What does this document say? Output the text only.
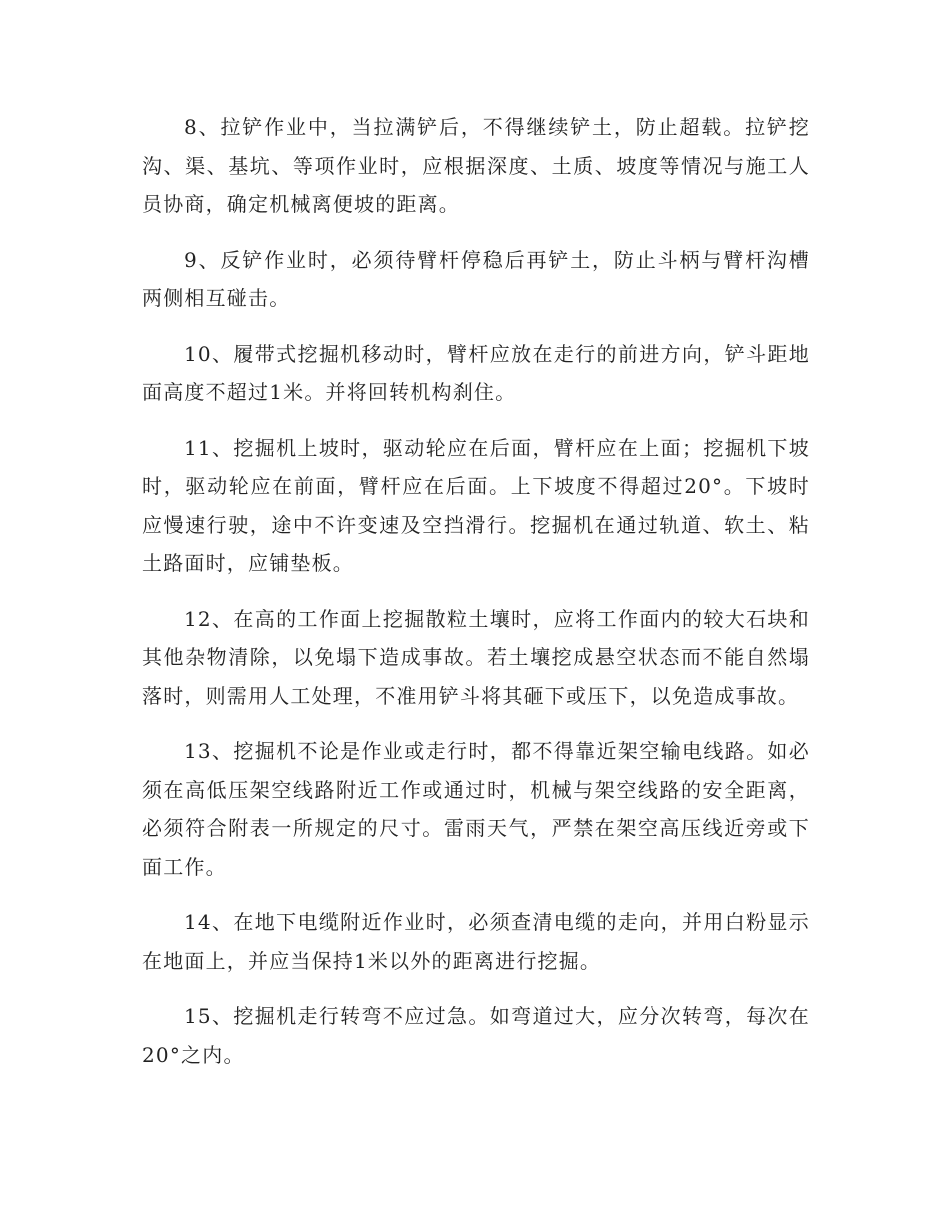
8、拉铲作业中，当拉满铲后，不得继续铲土，防止超载。拉铲挖沟、渠、基坑、等项作业时，应根据深度、土质、坡度等情况与施工人员协商，确定机械离便坡的距离。

9、反铲作业时，必须待臂杆停稳后再铲土，防止斗柄与臂杆沟槽两侧相互碰击。

10、履带式挖掘机移动时，臂杆应放在走行的前进方向，铲斗距地面高度不超过1米。并将回转机构刹住。

11、挖掘机上坡时，驱动轮应在后面，臂杆应在上面；挖掘机下坡时，驱动轮应在前面，臂杆应在后面。上下坡度不得超过20°。下坡时应慢速行驶，途中不许变速及空挡滑行。挖掘机在通过轨道、软土、粘土路面时，应铺垫板。

12、在高的工作面上挖掘散粒土壤时，应将工作面内的较大石块和其他杂物清除，以免塌下造成事故。若土壤挖成悬空状态而不能自然塌落时，则需用人工处理，不准用铲斗将其砸下或压下，以免造成事故。

13、挖掘机不论是作业或走行时，都不得靠近架空输电线路。如必须在高低压架空线路附近工作或通过时，机械与架空线路的安全距离，必须符合附表一所规定的尺寸。雷雨天气，严禁在架空高压线近旁或下面工作。

14、在地下电缆附近作业时，必须查清电缆的走向，并用白粉显示在地面上，并应当保持1米以外的距离进行挖掘。

15、挖掘机走行转弯不应过急。如弯道过大，应分次转弯，每次在20°之内。
